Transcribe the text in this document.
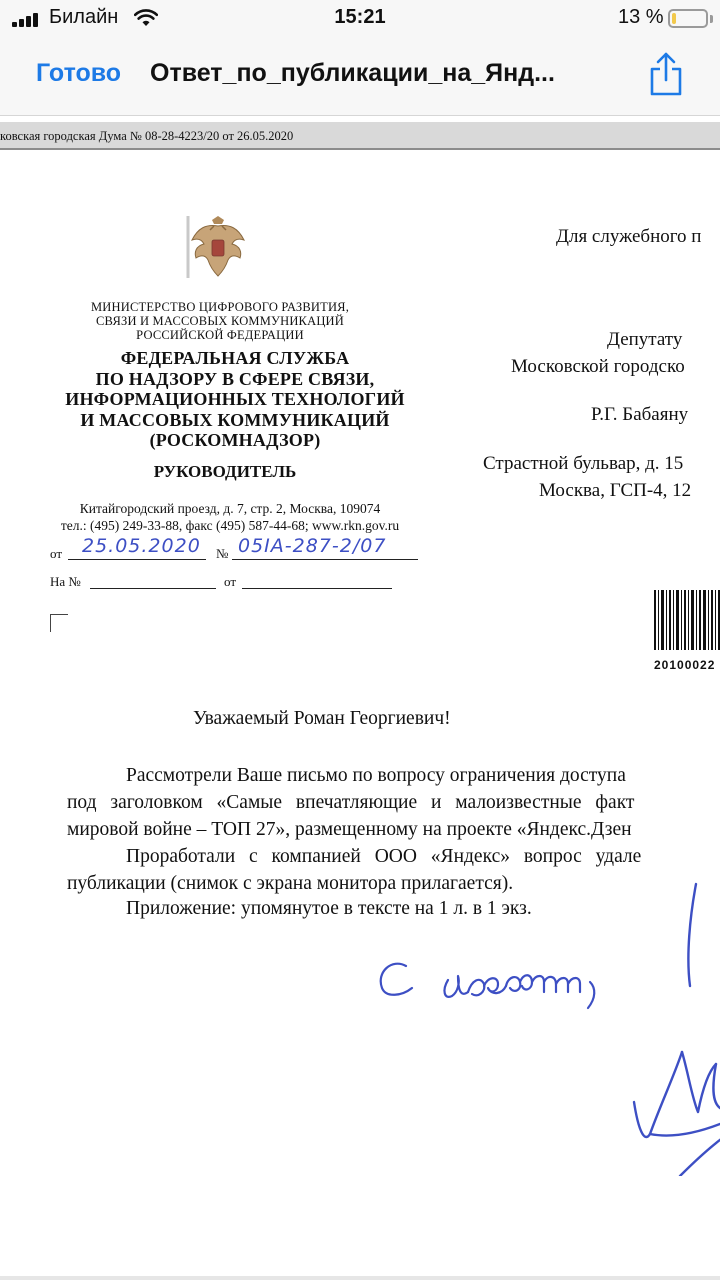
Билайн	15:21	13 %
Готово Ответ_по_публикации_на_Янд...
ковская городская Дума № 08-28-4223/20 от 26.05.2020
МИНИСТЕРСТВО ЦИФРОВОГО РАЗВИТИЯ,
СВЯЗИ И МАССОВЫХ КОММУНИКАЦИЙ
РОССИЙСКОЙ ФЕДЕРАЦИИ
ФЕДЕРАЛЬНАЯ СЛУЖБА
ПО НАДЗОРУ В СФЕРЕ СВЯЗИ,
ИНФОРМАЦИОННЫХ ТЕХНОЛОГИЙ
И МАССОВЫХ КОММУНИКАЦИЙ
(РОСКОМНАДЗОР)
РУКОВОДИТЕЛЬ
Китайгородский проезд, д. 7, стр. 2, Москва, 109074
тел.: (495) 249-33-88, факс (495) 587-44-68; www.rkn.gov.ru
от 25.05.2020 № 05IA-287-2/07
На №	от
Для служебного п
Депутату
Московской городско
Р.Г. Бабаяну
Страстной бульвар, д. 15
Москва, ГСП-4, 12
20100022
Уважаемый Роман Георгиевич!
Рассмотрели Ваше письмо по вопросу ограничения доступа
под заголовком «Самые впечатляющие и малоизвестные факт
мировой войне – ТОП 27», размещенному на проекте «Яндекс.Дзен
Проработали с компанией ООО «Яндекс» вопрос удале
публикации (снимок с экрана монитора прилагается).
Приложение: упомянутое в тексте на 1 л. в 1 экз.
